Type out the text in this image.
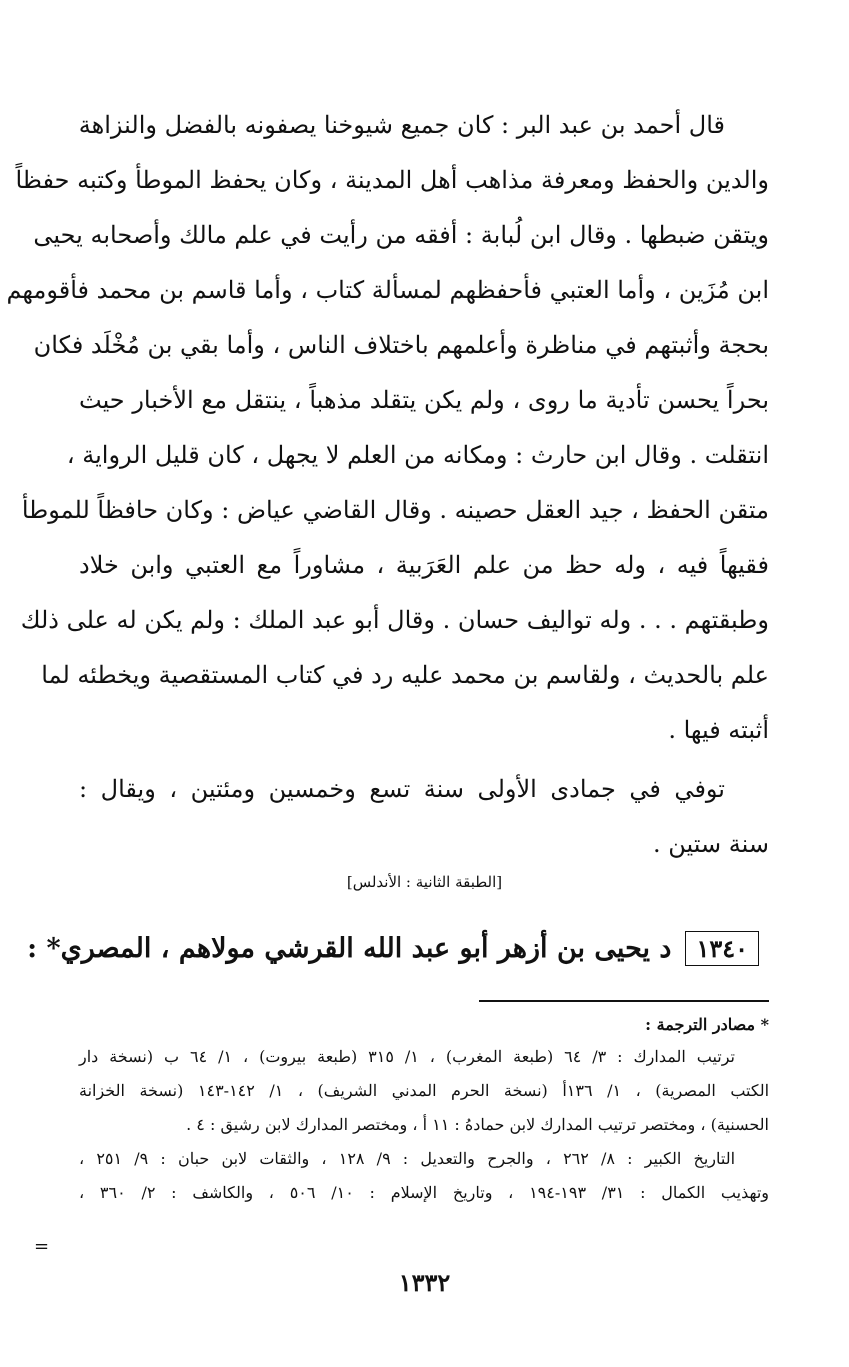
قال أحمد بن عبد البر : كان جميع شيوخنا يصفونه بالفضل والنزاهة
والدين والحفظ ومعرفة مذاهب أهل المدينة ، وكان يحفظ الموطأ وكتبه حفظاً
ويتقن ضبطها . وقال ابن لُبابة : أفقه من رأيت في علم مالك وأصحابه يحيى
ابن مُزَين ، وأما العتبي فأحفظهم لمسألة كتاب ، وأما قاسم بن محمد فأقومهم
بحجة وأثبتهم في مناظرة وأعلمهم باختلاف الناس ، وأما بقي بن مُخْلَد فكان
بحراً يحسن تأدية ما روى ، ولم يكن يتقلد مذهباً ، ينتقل مع الأخبار حيث
انتقلت . وقال ابن حارث : ومكانه من العلم لا يجهل ، كان قليل الرواية ،
متقن الحفظ ، جيد العقل حصينه . وقال القاضي عياض : وكان حافظاً للموطأ
فقيهاً فيه ، وله حظ من علم العَرَبية ، مشاوراً مع العتبي وابن خلاد
وطبقتهم . . . وله تواليف حسان . وقال أبو عبد الملك : ولم يكن له على ذلك
علم بالحديث ، ولقاسم بن محمد عليه رد في كتاب المستقصية ويخطئه لما
أثبته فيها .
توفي في جمادى الأولى سنة تسع وخمسين ومئتين ، ويقال :
سنة ستين .
[الطبقة الثانية : الأندلس]
د يحيى بن أزهر أبو عبد الله القرشي مولاهم ، المصري* :	١٣٤٠
* مصادر الترجمة :
ترتيب المدارك : ٣/ ٦٤ (طبعة المغرب) ، ١/ ٣١٥ (طبعة بيروت) ، ١/ ٦٤ ب (نسخة دار
الكتب المصرية) ، ١/ ١٣٦أ (نسخة الحرم المدني الشريف) ، ١/ ١٤٢-١٤٣ (نسخة الخزانة
الحسنية) ، ومختصر ترتيب المدارك لابن حمادهُ : ١١ أ ، ومختصر المدارك لابن رشيق : ٤ .
التاريخ الكبير : ٨/ ٢٦٢ ، والجرح والتعديل : ٩/ ١٢٨ ، والثقات لابن حبان : ٩/ ٢٥١ ،
وتهذيب الكمال : ٣١/ ١٩٣-١٩٤ ، وتاريخ الإسلام : ١٠/ ٥٠٦ ، والكاشف : ٢/ ٣٦٠ ،
=
١٣٣٢
